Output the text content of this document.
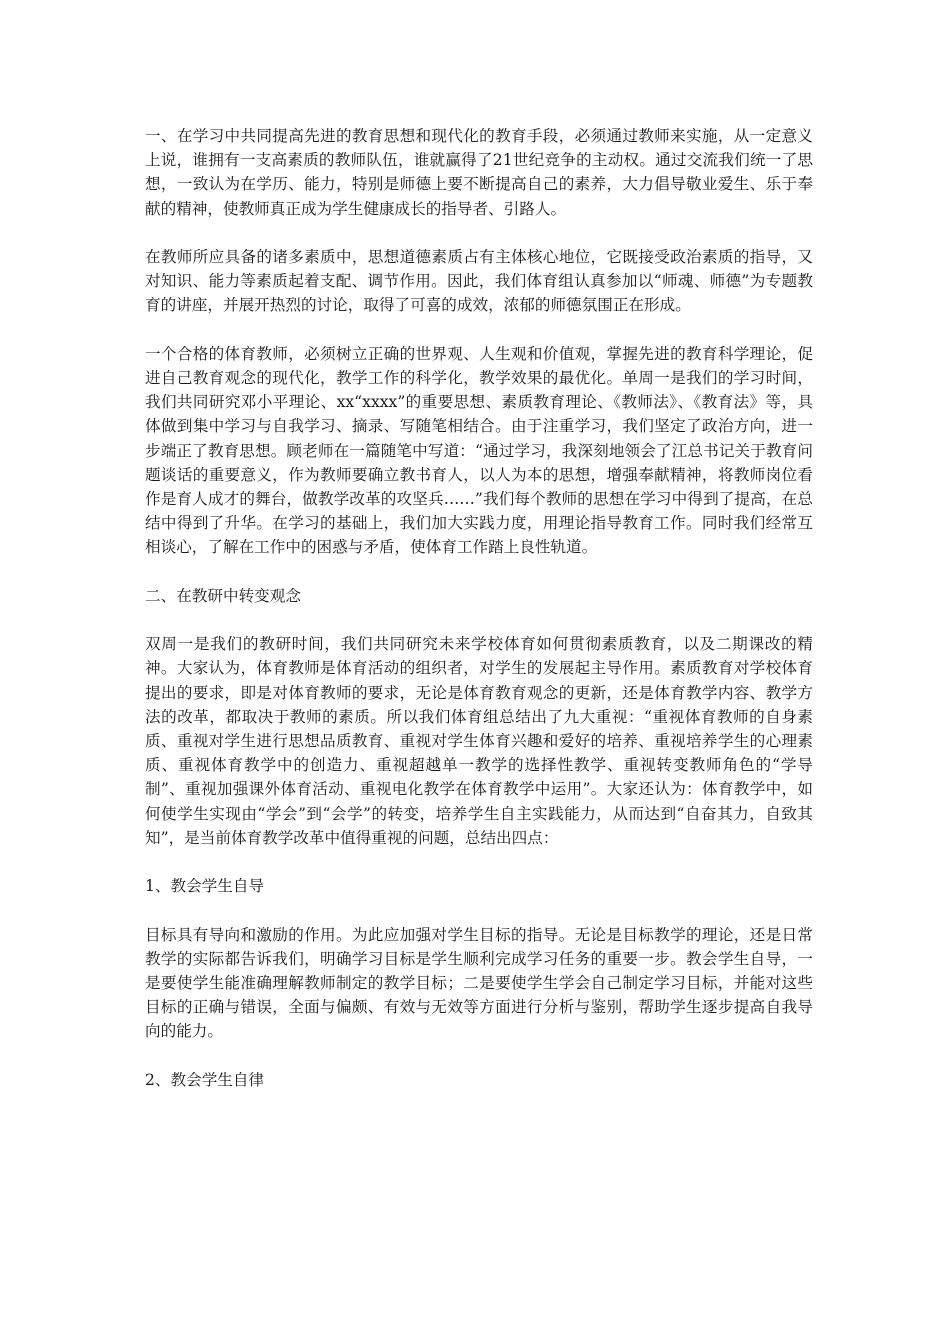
一、在学习中共同提高先进的教育思想和现代化的教育手段，必须通过教师来实施，从一定意义上说，谁拥有一支高素质的教师队伍，谁就赢得了21世纪竞争的主动权。通过交流我们统一了思想，一致认为在学历、能力，特别是师德上要不断提高自己的素养，大力倡导敬业爱生、乐于奉献的精神，使教师真正成为学生健康成长的指导者、引路人。

在教师所应具备的诸多素质中，思想道德素质占有主体核心地位，它既接受政治素质的指导，又对知识、能力等素质起着支配、调节作用。因此，我们体育组认真参加以“师魂、师德”为专题教育的讲座，并展开热烈的讨论，取得了可喜的成效，浓郁的师德氛围正在形成。

一个合格的体育教师，必须树立正确的世界观、人生观和价值观，掌握先进的教育科学理论，促进自己教育观念的现代化，教学工作的科学化，教学效果的最优化。单周一是我们的学习时间，我们共同研究邓小平理论、xx“xxxx”的重要思想、素质教育理论、《教师法》、《教育法》等，具体做到集中学习与自我学习、摘录、写随笔相结合。由于注重学习，我们坚定了政治方向，进一步端正了教育思想。顾老师在一篇随笔中写道：“通过学习，我深刻地领会了江总书记关于教育问题谈话的重要意义，作为教师要确立教书育人，以人为本的思想，增强奉献精神，将教师岗位看作是育人成才的舞台，做教学改革的攻坚兵……”我们每个教师的思想在学习中得到了提高，在总结中得到了升华。在学习的基础上，我们加大实践力度，用理论指导教育工作。同时我们经常互相谈心，了解在工作中的困惑与矛盾，使体育工作踏上良性轨道。

二、在教研中转变观念

双周一是我们的教研时间，我们共同研究未来学校体育如何贯彻素质教育，以及二期课改的精神。大家认为，体育教师是体育活动的组织者，对学生的发展起主导作用。素质教育对学校体育提出的要求，即是对体育教师的要求，无论是体育教育观念的更新，还是体育教学内容、教学方法的改革，都取决于教师的素质。所以我们体育组总结出了九大重视：“重视体育教师的自身素质、重视对学生进行思想品质教育、重视对学生体育兴趣和爱好的培养、重视培养学生的心理素质、重视体育教学中的创造力、重视超越单一教学的选择性教学、重视转变教师角色的“学导制”、重视加强课外体育活动、重视电化教学在体育教学中运用”。大家还认为：体育教学中，如何使学生实现由“学会”到“会学”的转变，培养学生自主实践能力，从而达到“自奋其力，自致其知”，是当前体育教学改革中值得重视的问题，总结出四点：

1、教会学生自导

目标具有导向和激励的作用。为此应加强对学生目标的指导。无论是目标教学的理论，还是日常教学的实际都告诉我们，明确学习目标是学生顺利完成学习任务的重要一步。教会学生自导，一是要使学生能准确理解教师制定的教学目标；二是要使学生学会自己制定学习目标，并能对这些目标的正确与错误，全面与偏颇、有效与无效等方面进行分析与鉴别，帮助学生逐步提高自我导向的能力。

2、教会学生自律
